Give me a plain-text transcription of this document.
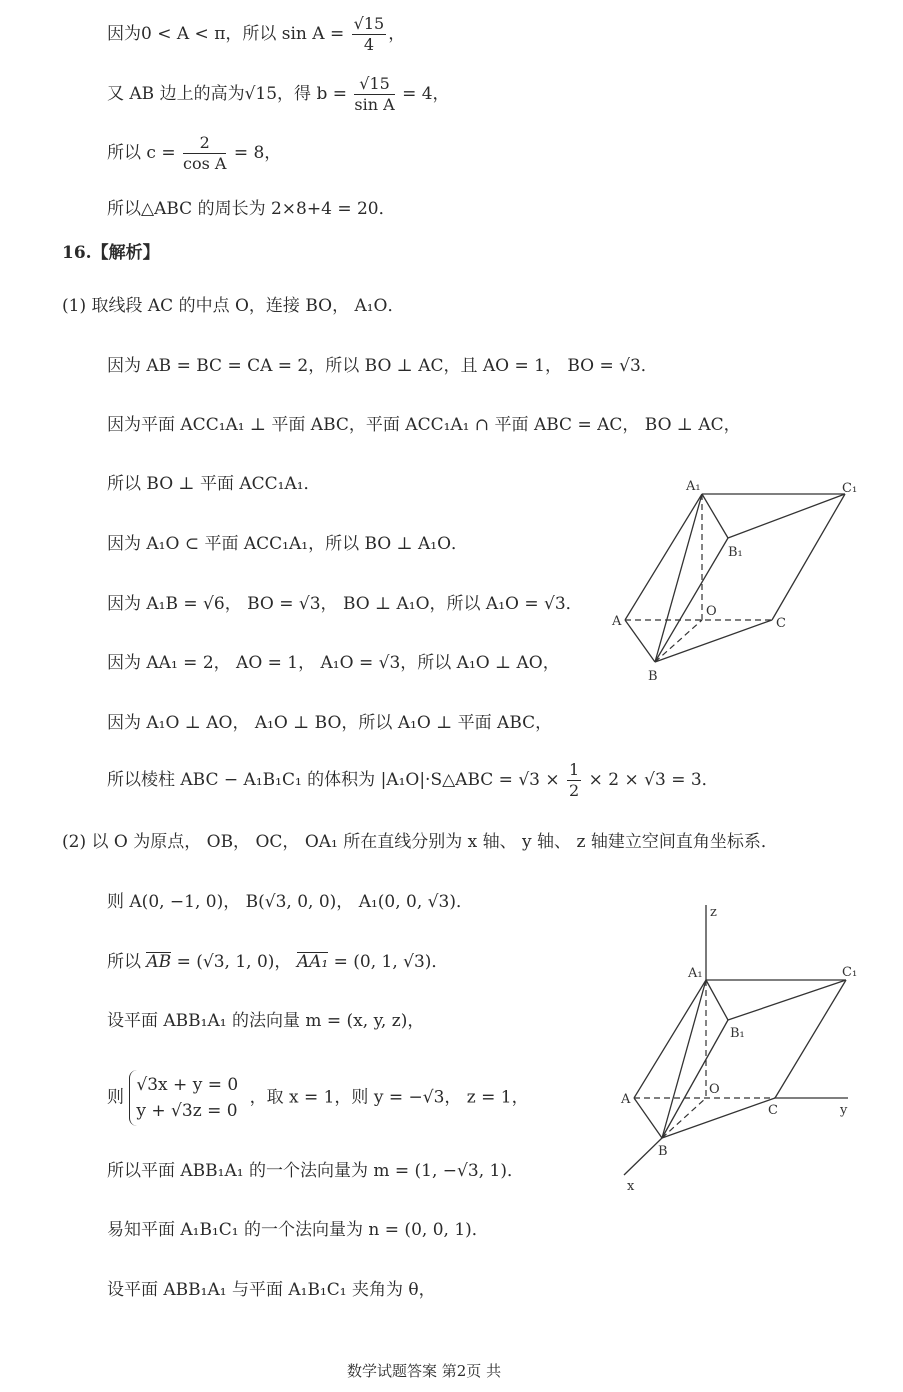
因为0 < A < π，所以 $\sin A = \frac{√15}{4}$ ，
又 AB 边上的高为√15，得 $b = \frac{√15}{\text{sin A}} = 4$，
所以 $c = \frac{2}{\text{cos A}} = 8$，
所以△ABC 的周长为 2×8+4 = 20．
16.【解析】
(1) 取线段 AC 的中点 O，连接 BO， A₁O．
因为 AB = BC = CA = 2，所以 BO ⊥ AC，且 AO = 1， BO = √3．
因为平面 ACC₁A₁ ⊥ 平面 ABC，平面 ACC₁A₁ ∩ 平面 ABC = AC， BO ⊥ AC，
所以 BO ⊥ 平面 ACC₁A₁．
因为 A₁O ⊂ 平面 ACC₁A₁，所以 BO ⊥ A₁O．
因为 A₁B = √6， BO = √3， BO ⊥ A₁O，所以 A₁O = √3．
因为 AA₁ = 2， AO = 1， A₁O = √3，所以 A₁O ⊥ AO，
因为 A₁O ⊥ AO， A₁O ⊥ BO，所以 A₁O ⊥ 平面 ABC，
所以棱柱 ABC − A₁B₁C₁ 的体积为 |A₁O|·S△ABC = $√3 \times \frac{1}{2} \times 2 \times √3 = 3$．
(2) 以 O 为原点， OB， OC， OA₁ 所在直线分别为 x 轴、 y 轴、 z 轴建立空间直角坐标系．
则 A(0, −1, 0)， B(√3, 0, 0)， A₁(0, 0, √3)．
所以 AB = (√3, 1, 0)， AA₁ = (0, 1, √3)．
设平面 ABB₁A₁ 的法向量 m = (x, y, z)，
则
√3x + y = 0
y + √3z = 0
，取 x = 1，则 y = −√3， z = 1，
所以平面 ABB₁A₁ 的一个法向量为 m = (1, −√3, 1)．
易知平面 A₁B₁C₁ 的一个法向量为 n = (0, 0, 1)．
设平面 ABB₁A₁ 与平面 A₁B₁C₁ 夹角为 θ，
A₁	C₁
B₁
O
A	C
B
z
A₁	C₁
B₁
O
A
C	y
B
x
数学试题答案 第2页 共
